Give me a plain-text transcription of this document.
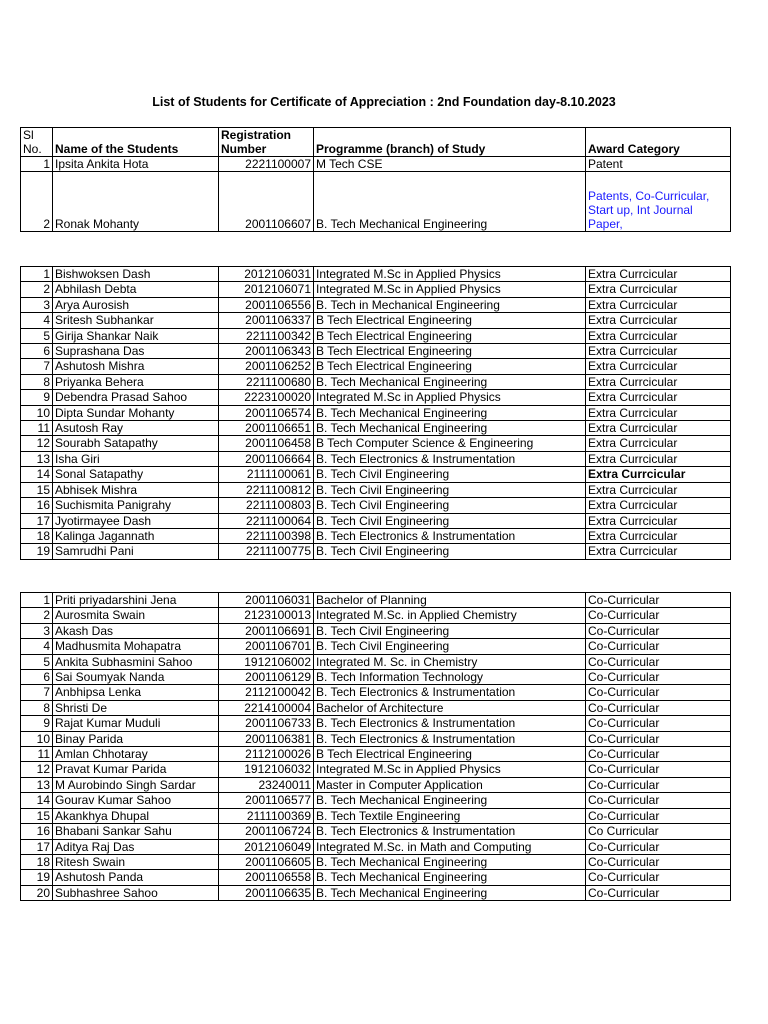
List of Students for Certificate of Appreciation : 2nd Foundation day-8.10.2023
Sl No.	Name of the Students	Registration Number	Programme (branch) of Study	Award Category
1	Ipsita Ankita Hota	2221100007	M Tech CSE	Patent
2	Ronak Mohanty	2001106607	B. Tech Mechanical Engineering	Patents, Co-Curricular, Start up, Int Journal Paper,
1	Bishwoksen Dash	2012106031	Integrated M.Sc in Applied Physics	Extra Currcicular
2	Abhilash Debta	2012106071	Integrated M.Sc in Applied Physics	Extra Currcicular
3	Arya Aurosish	2001106556	B. Tech in Mechanical Engineering	Extra Currcicular
4	Sritesh Subhankar	2001106337	B Tech Electrical Engineering	Extra Currcicular
5	Girija Shankar Naik	2211100342	B Tech Electrical Engineering	Extra Currcicular
6	Suprashana Das	2001106343	B Tech Electrical Engineering	Extra Currcicular
7	Ashutosh Mishra	2001106252	B Tech Electrical Engineering	Extra Currcicular
8	Priyanka Behera	2211100680	B. Tech Mechanical Engineering	Extra Currcicular
9	Debendra Prasad Sahoo	2223100020	Integrated M.Sc in Applied Physics	Extra Currcicular
10	Dipta Sundar Mohanty	2001106574	B. Tech Mechanical Engineering	Extra Currcicular
11	Asutosh Ray	2001106651	B. Tech Mechanical Engineering	Extra Currcicular
12	Sourabh Satapathy	2001106458	B Tech Computer Science & Engineering	Extra Currcicular
13	Isha Giri	2001106664	B. Tech Electronics & Instrumentation	Extra Currcicular
14	Sonal Satapathy	2111100061	B. Tech Civil Engineering	Extra Currcicular
15	Abhisek Mishra	2211100812	B. Tech Civil Engineering	Extra Currcicular
16	Suchismita Panigrahy	2211100803	B. Tech Civil Engineering	Extra Currcicular
17	Jyotirmayee Dash	2211100064	B. Tech Civil Engineering	Extra Currcicular
18	Kalinga Jagannath	2211100398	B. Tech Electronics & Instrumentation	Extra Currcicular
19	Samrudhi Pani	2211100775	B. Tech Civil Engineering	Extra Currcicular
1	Priti priyadarshini Jena	2001106031	Bachelor of Planning	Co-Curricular
2	Aurosmita Swain	2123100013	Integrated M.Sc. in Applied Chemistry	Co-Curricular
3	Akash Das	2001106691	B. Tech Civil Engineering	Co-Curricular
4	Madhusmita Mohapatra	2001106701	B. Tech Civil Engineering	Co-Curricular
5	Ankita Subhasmini Sahoo	1912106002	Integrated M. Sc. in Chemistry	Co-Curricular
6	Sai Soumyak Nanda	2001106129	B. Tech Information Technology	Co-Curricular
7	Anbhipsa Lenka	2112100042	B. Tech Electronics & Instrumentation	Co-Curricular
8	Shristi De	2214100004	Bachelor of Architecture	Co-Curricular
9	Rajat Kumar Muduli	2001106733	B. Tech Electronics & Instrumentation	Co-Curricular
10	Binay Parida	2001106381	B. Tech Electronics & Instrumentation	Co-Curricular
11	Amlan Chhotaray	2112100026	B Tech Electrical Engineering	Co-Curricular
12	Pravat Kumar Parida	1912106032	Integrated M.Sc in Applied Physics	Co-Curricular
13	M Aurobindo Singh Sardar	23240011	Master in Computer Application	Co-Curricular
14	Gourav Kumar Sahoo	2001106577	B. Tech Mechanical Engineering	Co-Curricular
15	Akankhya Dhupal	2111100369	B. Tech Textile Engineering	Co-Curricular
16	Bhabani Sankar Sahu	2001106724	B. Tech Electronics & Instrumentation	Co Curricular
17	Aditya Raj Das	2012106049	Integrated M.Sc. in Math and Computing	Co-Curricular
18	Ritesh Swain	2001106605	B. Tech Mechanical Engineering	Co-Curricular
19	Ashutosh Panda	2001106558	B. Tech Mechanical Engineering	Co-Curricular
20	Subhashree Sahoo	2001106635	B. Tech Mechanical Engineering	Co-Curricular
